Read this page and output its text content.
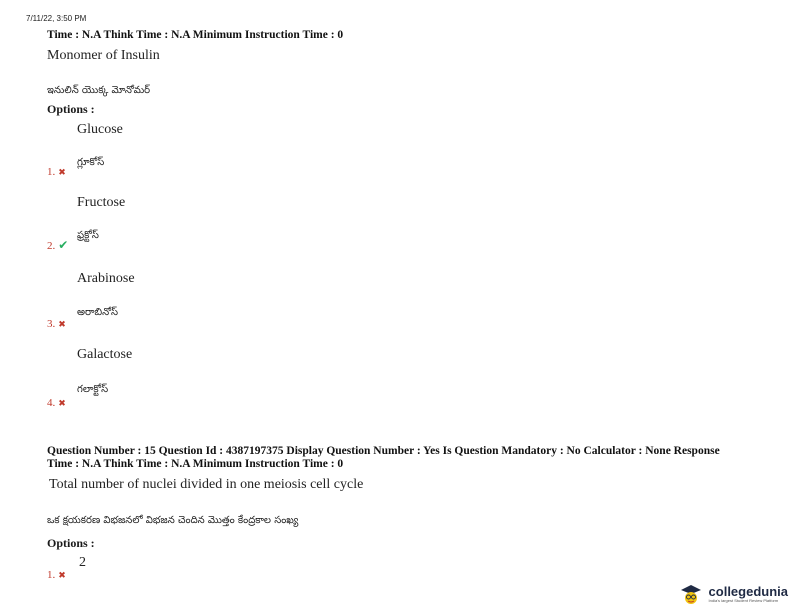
7/11/22, 3:50 PM
Time : N.A Think Time : N.A Minimum Instruction Time : 0
Monomer of Insulin
ఇనులిన్ యొక్క మోనోమర్
Options :
Glucose
1. ✖
గ్లూకోస్
Fructose
2. ✔
ఫ్రక్టోస్
Arabinose
3. ✖
అరాబినోస్
Galactose
4. ✖
గలాక్టోస్
Question Number : 15 Question Id : 4387197375 Display Question Number : Yes Is Question Mandatory : No Calculator : None Response
Time : N.A Think Time : N.A Minimum Instruction Time : 0
Total number of nuclei divided in one meiosis cell cycle
ఒక క్షయకరణ విభజనలో విభజన చెందిన మొత్తం కేంద్రకాల సంఖ్య
Options :
2
1. ✖
collegedunia
India's largest Student Review Platform
